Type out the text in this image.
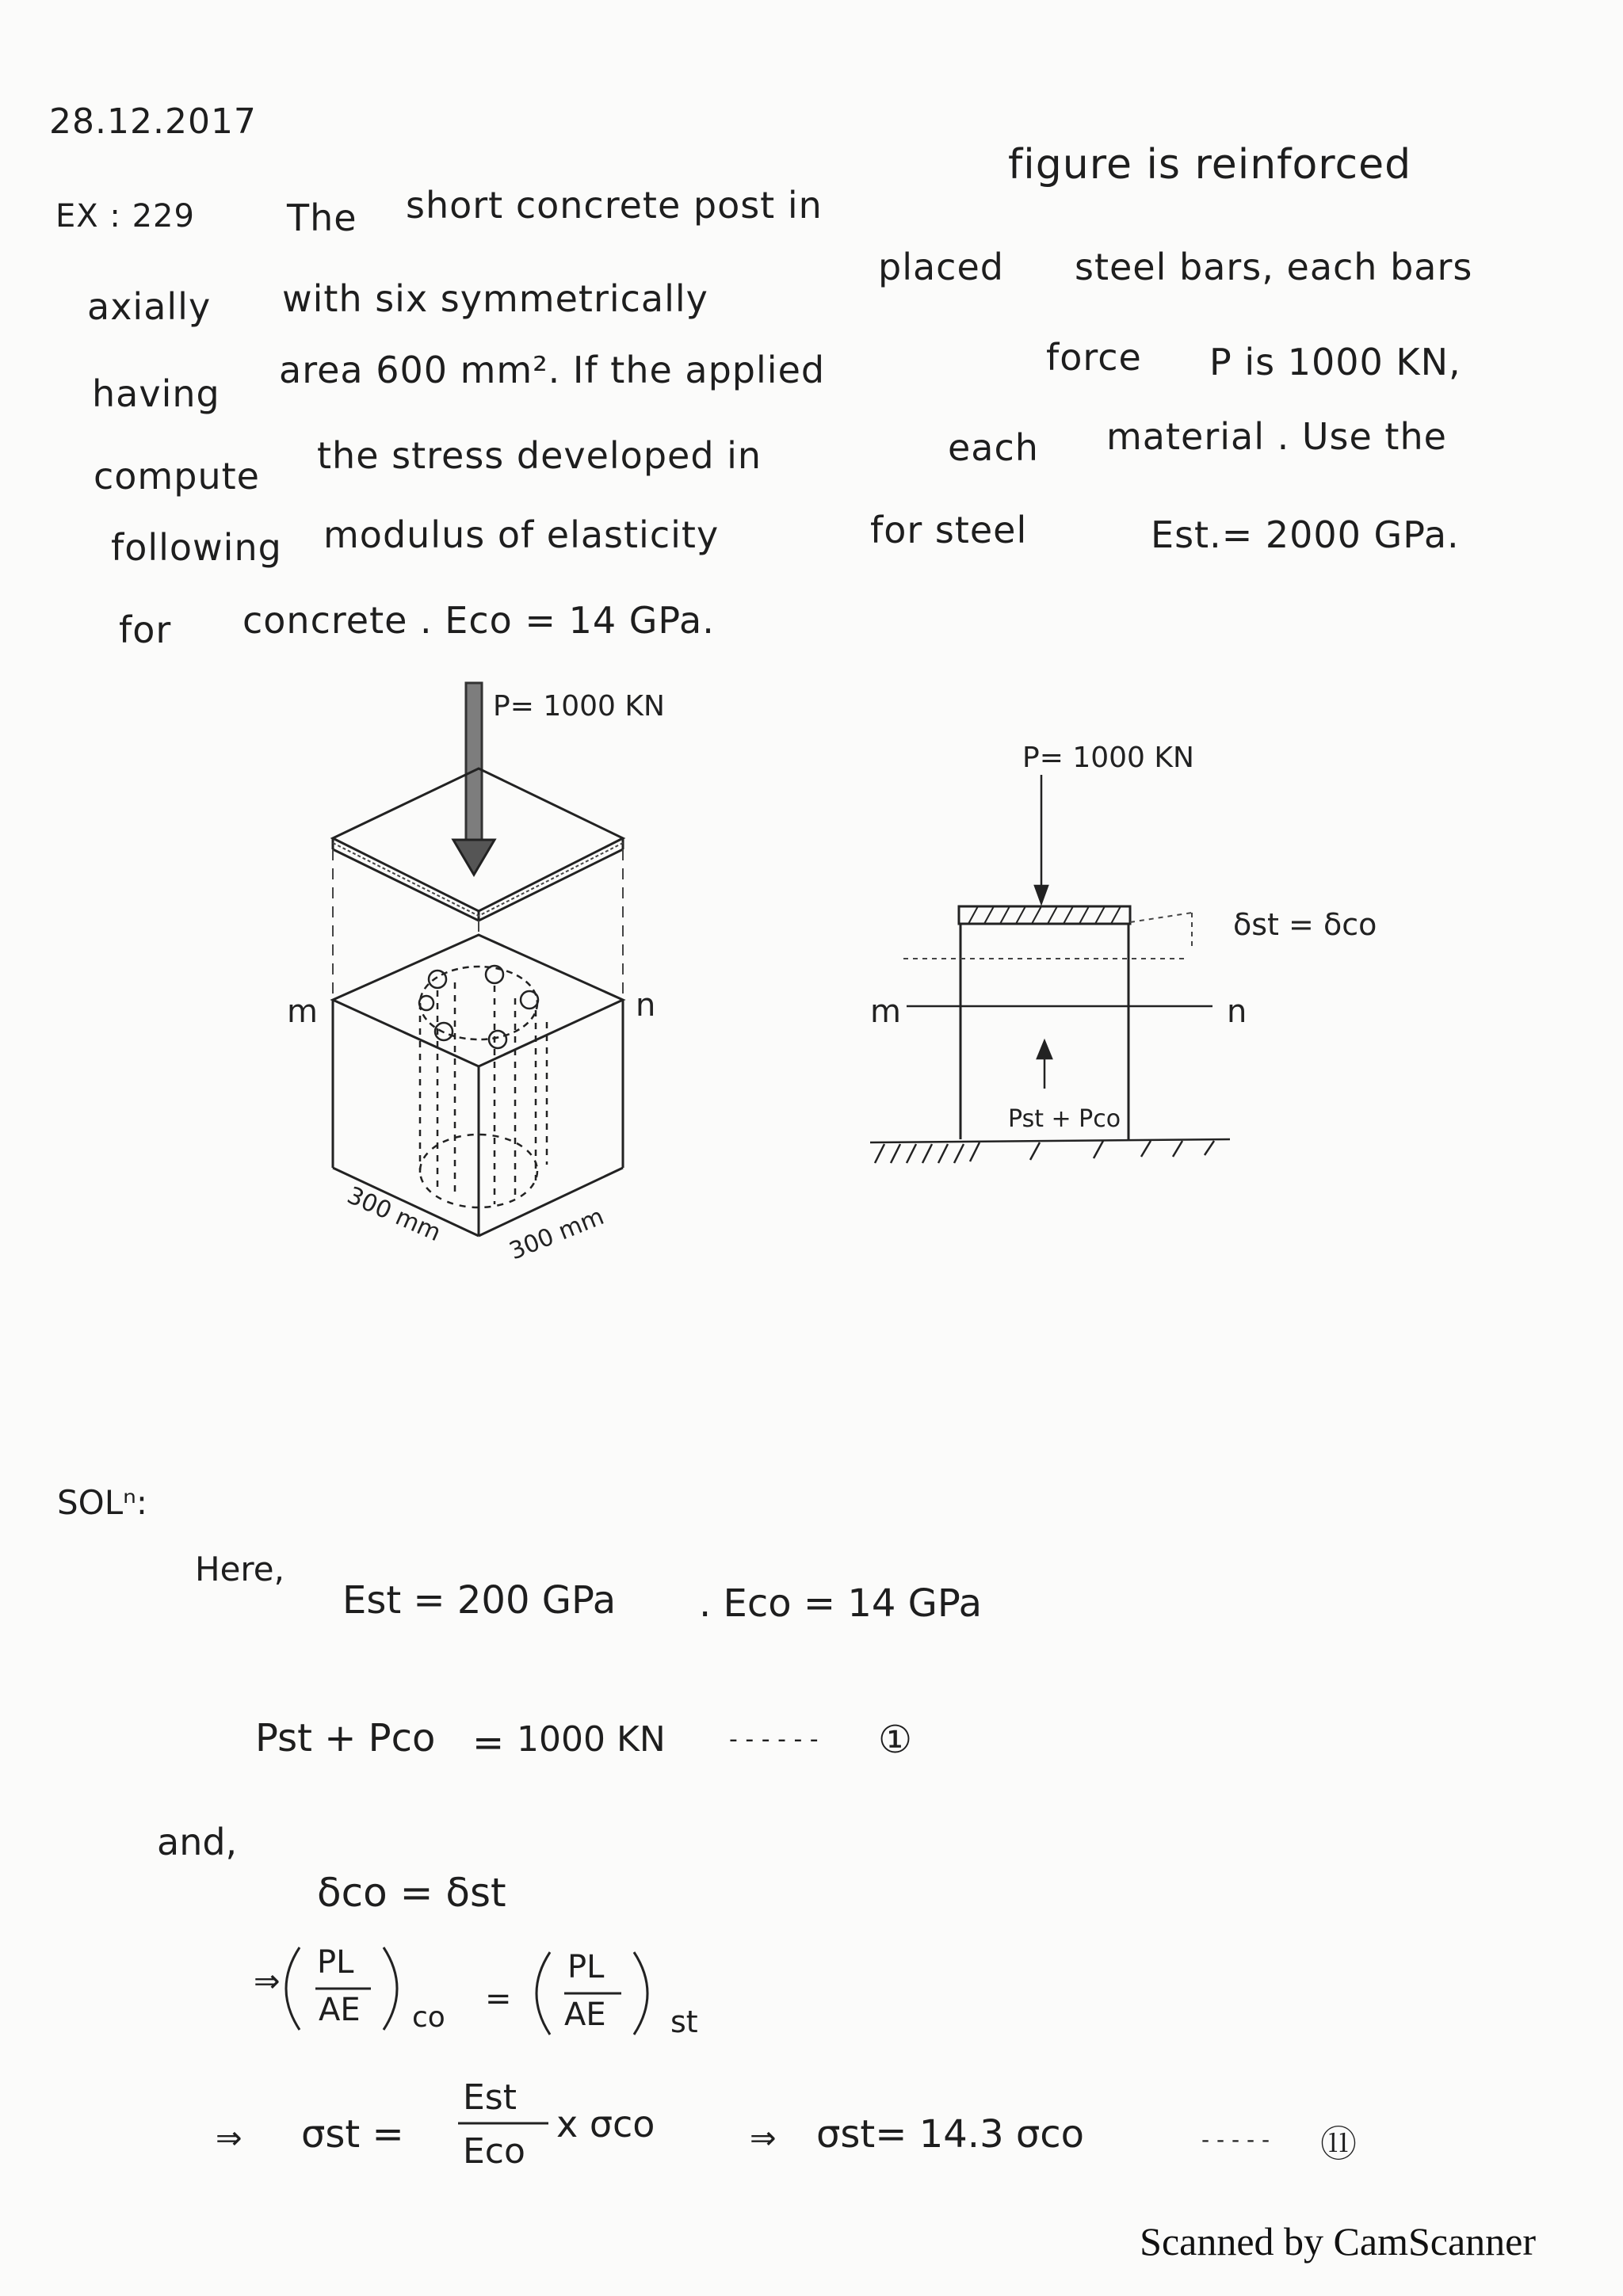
28.12.2017
EX : 229	The short concrete post in
figure is reinforced
axially with six symmetrically
placed steel bars, each bars
having
area 600 mm². If the applied	force P is 1000 KN,
compute the stress developed in	each material . Use the
following modulus of elasticity	for steel	Est.= 2000 GPa.
for concrete . Eco = 14 GPa.
P= 1000 KN
m	n
300 mm	300 mm
P= 1000 KN
m	n
Pst + Pco
δst = δco
SOLⁿ:
Here,
Est = 200 GPa . Eco = 14 GPa
Pst + Pco = 1000 KN	- - - - - - ①
and,
δco = δst
⇒
PL
AE co
=
PL
AE st
⇒ σst =
Est
Eco
x σco	⇒ σst= 14.3 σco	- - - - - ⑪
Scanned by CamScanner
